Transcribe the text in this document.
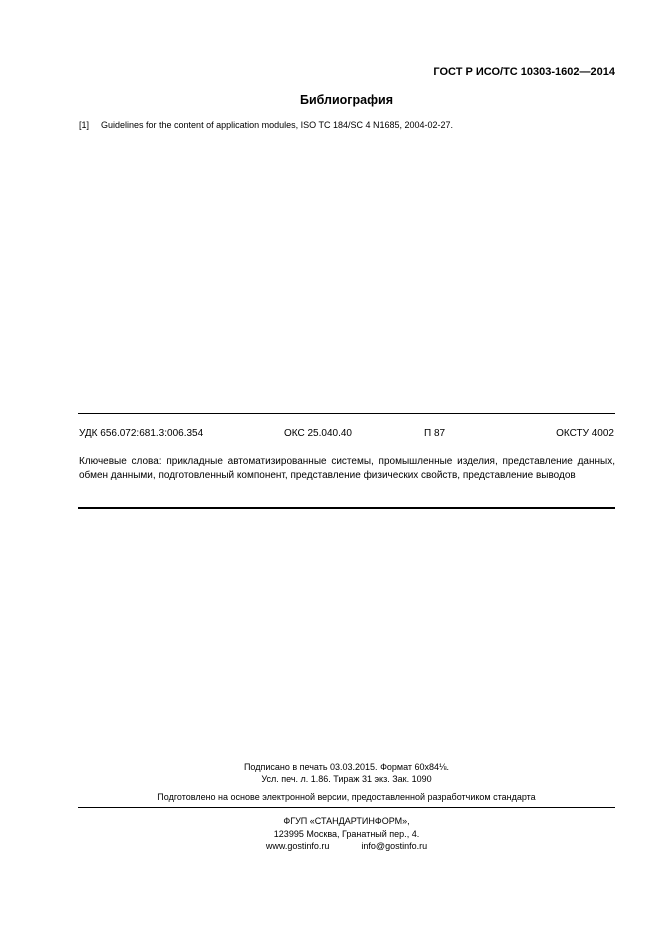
ГОСТ Р ИСО/ТС 10303-1602—2014
Библиография
[1] Guidelines for the content of application modules, ISO TC 184/SC 4 N1685, 2004-02-27.
УДК 656.072:681.3:006.354	ОКС 25.040.40	П 87	ОКСТУ 4002
Ключевые слова: прикладные автоматизированные системы, промышленные изделия, представление данных, обмен данными, подготовленный компонент, представление физических свойств, представление выводов
Подписано в печать 03.03.2015. Формат 60х84⅛.
Усл. печ. л. 1.86. Тираж 31 экз. Зак. 1090
Подготовлено на основе электронной версии, предоставленной разработчиком стандарта
ФГУП «СТАНДАРТИНФОРМ»,
123995 Москва, Гранатный пер., 4.
www.gostinfo.ru	info@gostinfo.ru
